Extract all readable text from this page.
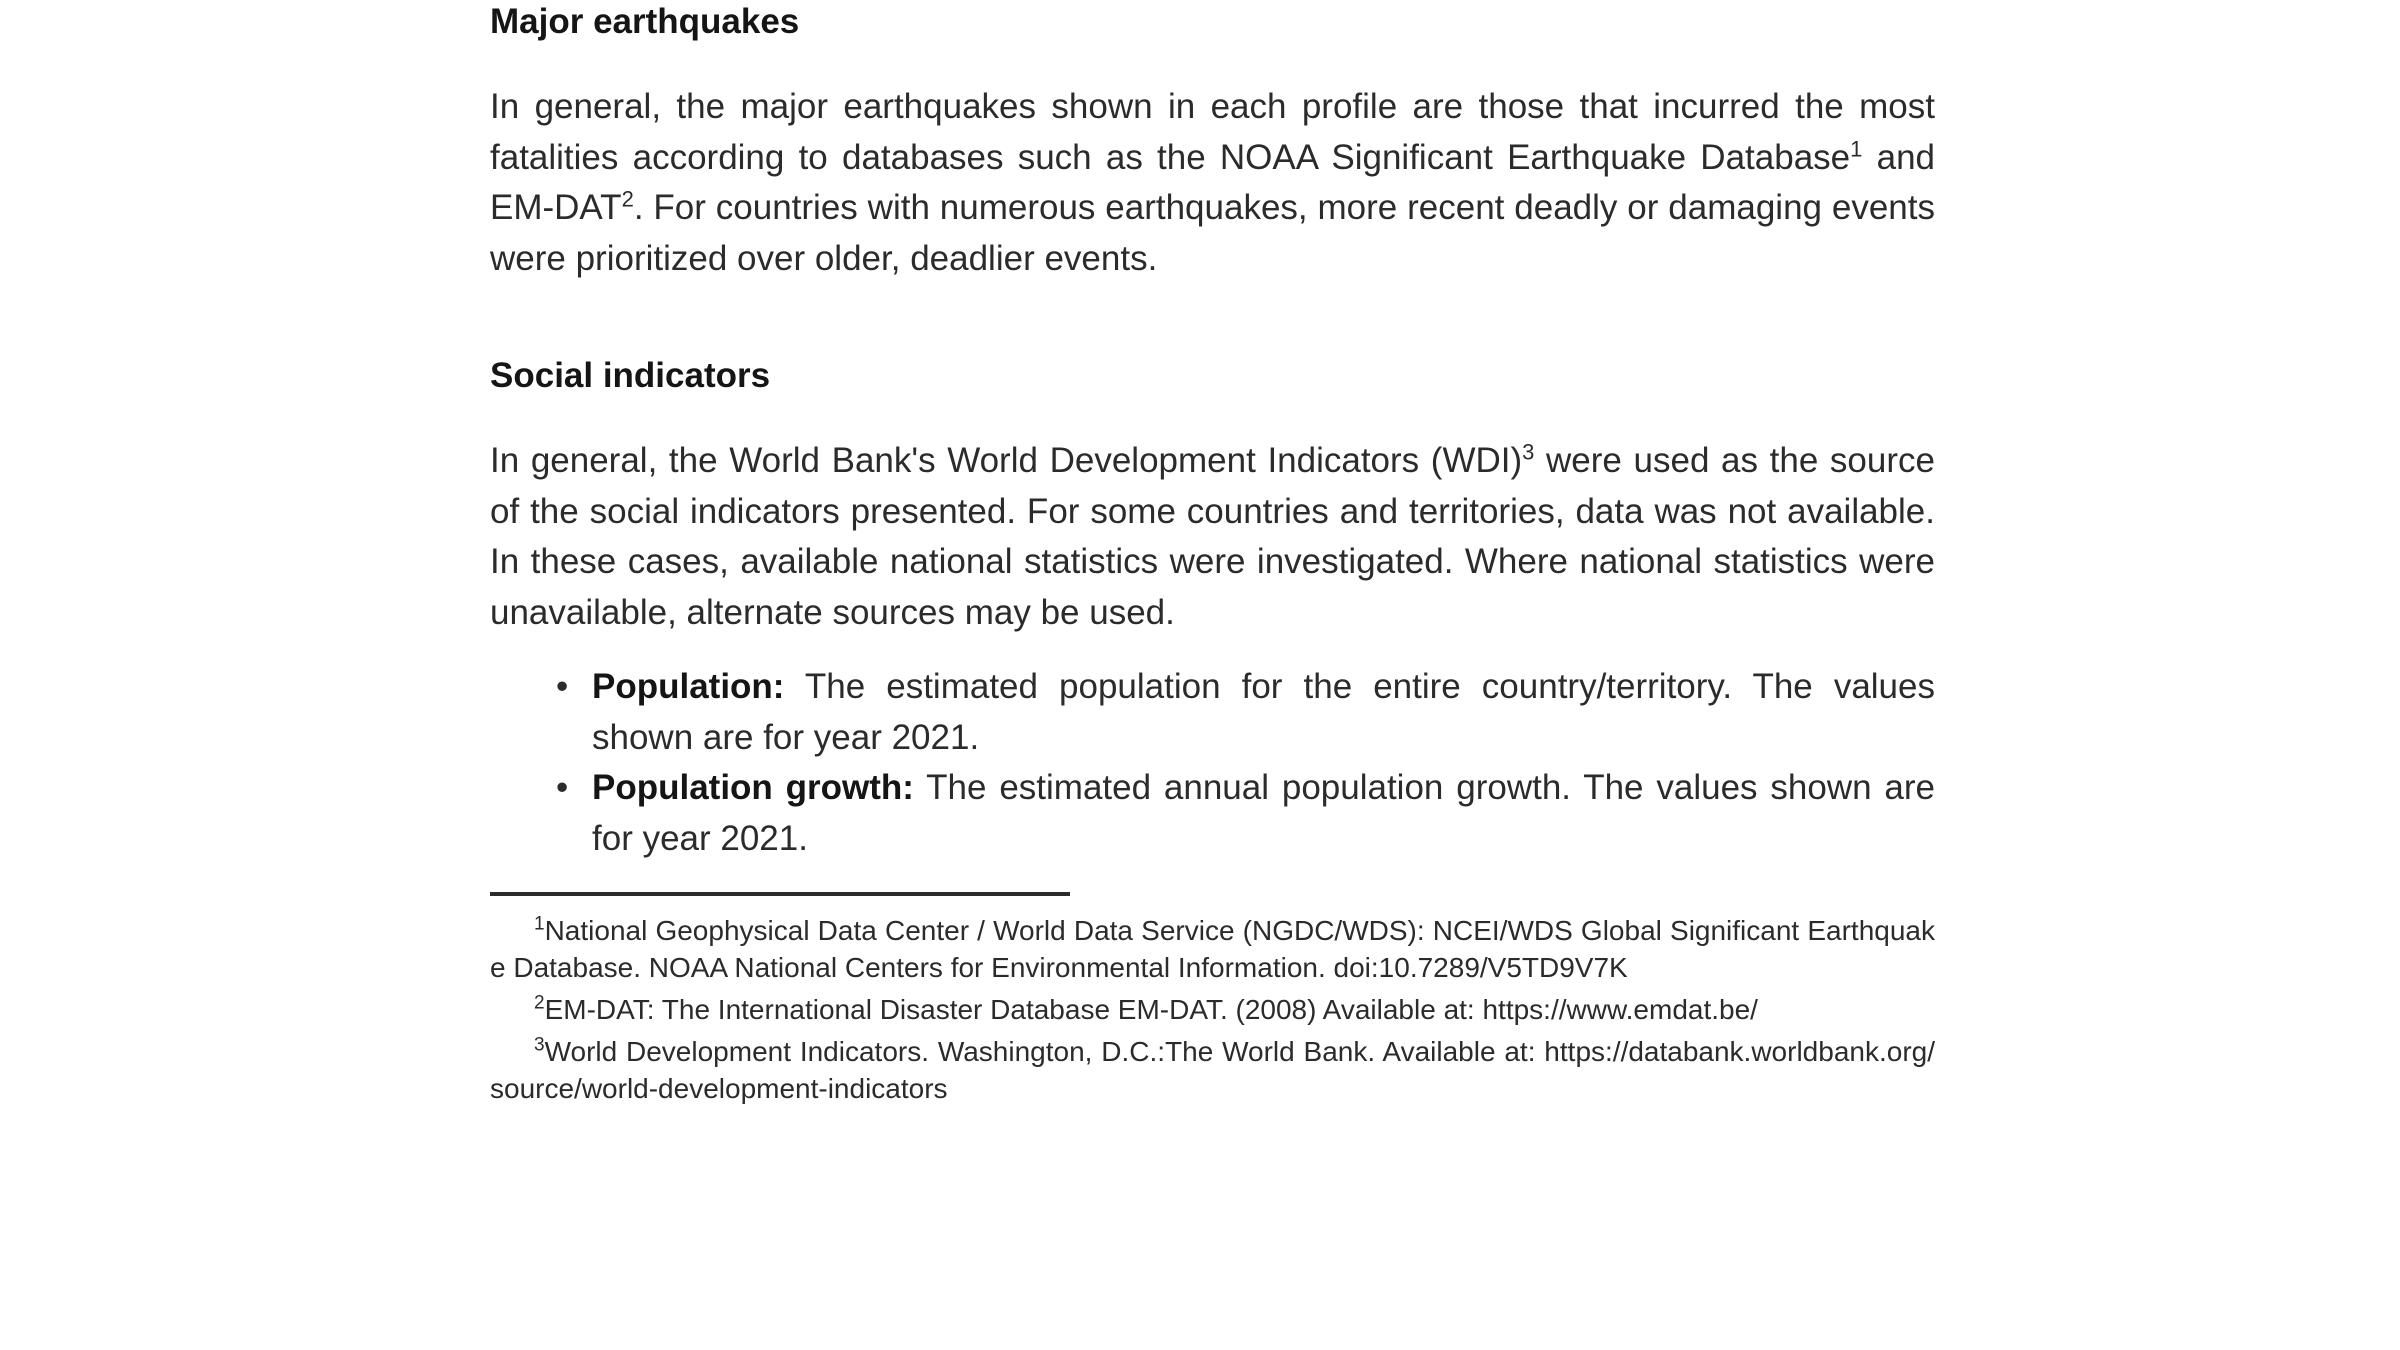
Major earthquakes

In general, the major earthquakes shown in each profile are those that incurred the most fatalities according to databases such as the NOAA Significant Earthquake Database$^1$ and EM-DAT$^2$. For countries with numerous earthquakes, more recent deadly or damaging events were prioritized over older, deadlier events.

Social indicators

In general, the World Bank's World Development Indicators (WDI)$^3$ were used as the source of the social indicators presented. For some countries and territories, data was not available. In these cases, available national statistics were investigated. Where national statistics were unavailable, alternate sources may be used.

• Population: The estimated population for the entire country/territory. The values shown are for year 2021.
• Population growth: The estimated annual population growth. The values shown are for year 2021.

$^1$National Geophysical Data Center / World Data Service (NGDC/WDS): NCEI/WDS Global Significant Earthquake Database. NOAA National Centers for Environmental Information. doi:10.7289/V5TD9V7K

$^2$EM-DAT: The International Disaster Database EM-DAT. (2008) Available at: https://www.emdat.be/

$^3$World Development Indicators. Washington, D.C.:The World Bank. Available at: https://databank.worldbank.org/source/world-development-indicators
